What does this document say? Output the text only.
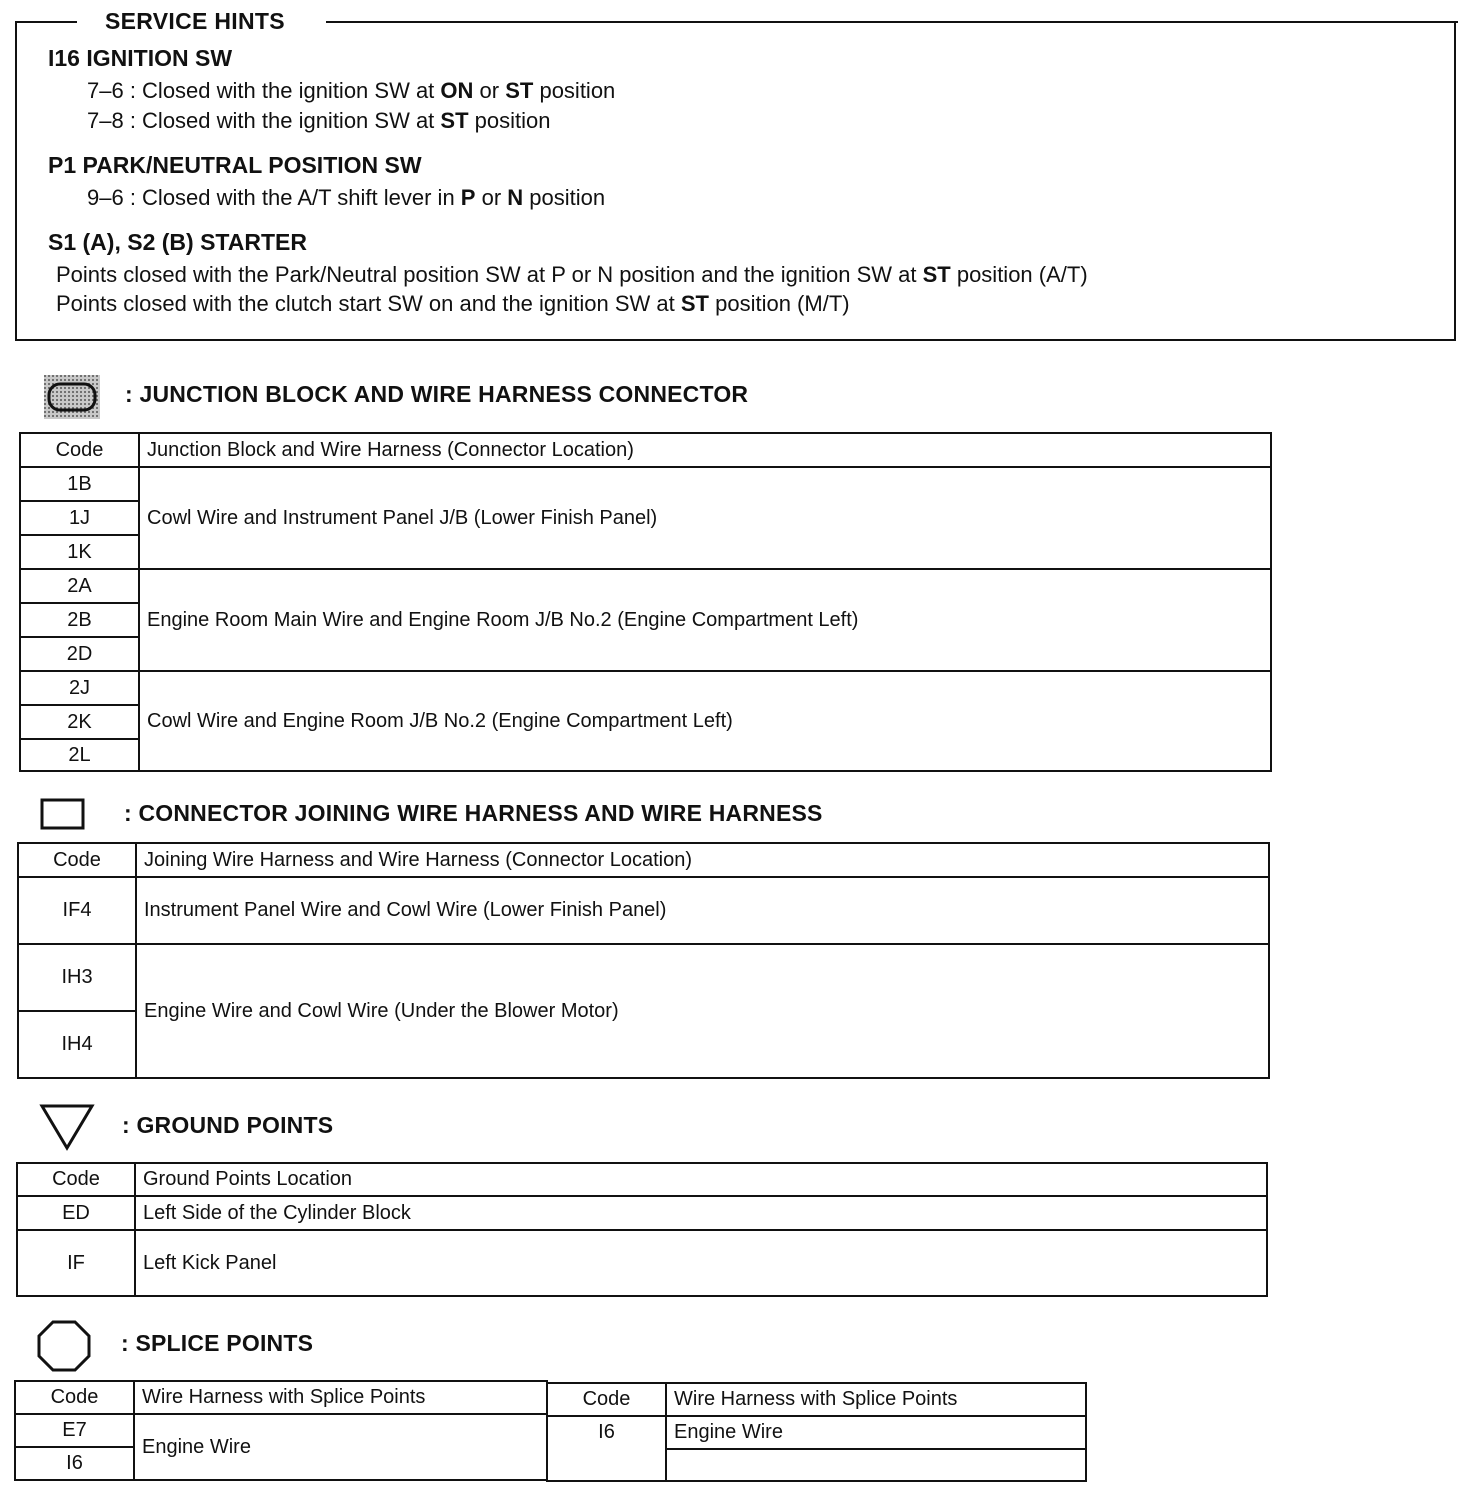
SERVICE HINTS
I16 IGNITION SW
7–6 : Closed with the ignition SW at ON or ST position
7–8 : Closed with the ignition SW at ST position
P1 PARK/NEUTRAL POSITION SW
9–6 : Closed with the A/T shift lever in P or N position
S1 (A), S2 (B) STARTER
Points closed with the Park/Neutral position SW at P or N position and the ignition SW at ST position (A/T)
Points closed with the clutch start SW on and the ignition SW at ST position (M/T)
: JUNCTION BLOCK AND WIRE HARNESS CONNECTOR
Code	Junction Block and Wire Harness (Connector Location)
1B	Cowl Wire and Instrument Panel J/B (Lower Finish Panel)
1J	
1K	
2A	Engine Room Main Wire and Engine Room J/B No.2 (Engine Compartment Left)
2B	
2D	
2J	Cowl Wire and Engine Room J/B No.2 (Engine Compartment Left)
2K	
2L	
: CONNECTOR JOINING WIRE HARNESS AND WIRE HARNESS
Code	Joining Wire Harness and Wire Harness (Connector Location)
IF4	Instrument Panel Wire and Cowl Wire (Lower Finish Panel)
IH3	Engine Wire and Cowl Wire (Under the Blower Motor)
IH4	
: GROUND POINTS
Code	Ground Points Location
ED	Left Side of the Cylinder Block
IF	Left Kick Panel
: SPLICE POINTS
Code	Wire Harness with Splice Points
E7	Engine Wire
I6	
Code	Wire Harness with Splice Points
I6	Engine Wire
